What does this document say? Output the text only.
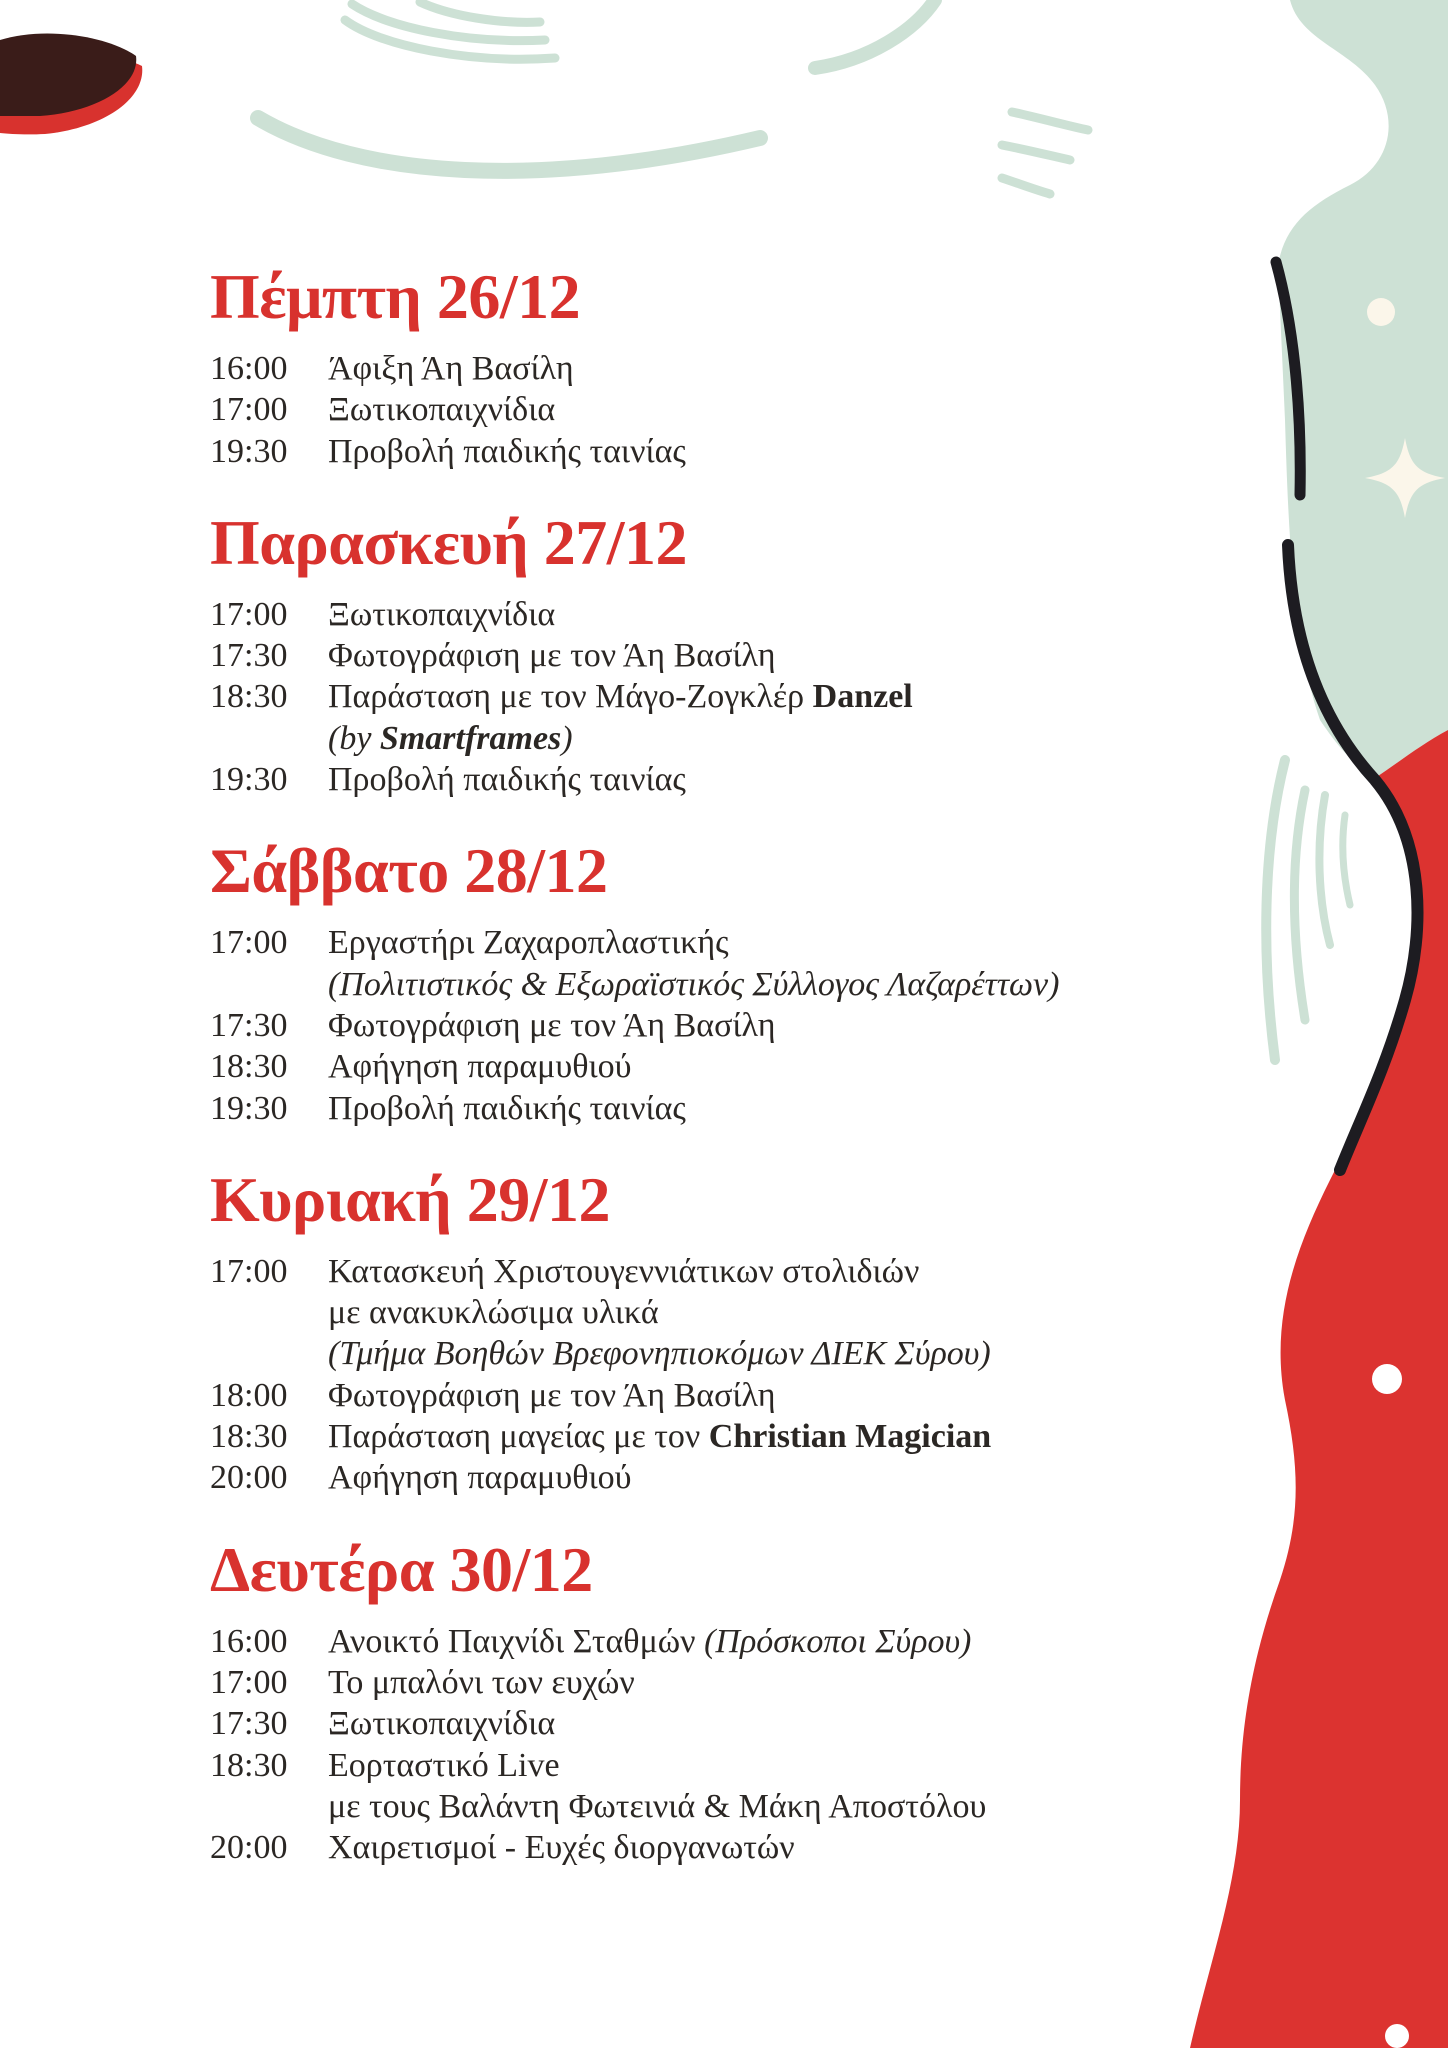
Πέμπτη 26/12
16:00	Άφιξη Άη Βασίλη
17:00	Ξωτικοπαιχνίδια
19:30	Προβολή παιδικής ταινίας
Παρασκευή 27/12
17:00	Ξωτικοπαιχνίδια
17:30	Φωτογράφιση με τον Άη Βασίλη
18:30	Παράσταση με τον Μάγο-Ζογκλέρ Danzel
(by Smartframes)
19:30	Προβολή παιδικής ταινίας
Σάββατο 28/12
17:00	Εργαστήρι Ζαχαροπλαστικής
(Πολιτιστικός & Εξωραϊστικός Σύλλογος Λαζαρέττων)
17:30	Φωτογράφιση με τον Άη Βασίλη
18:30	Αφήγηση παραμυθιού
19:30	Προβολή παιδικής ταινίας
Κυριακή 29/12
17:00	Κατασκευή Χριστουγεννιάτικων στολιδιών
με ανακυκλώσιμα υλικά
(Τμήμα Βοηθών Βρεφονηπιοκόμων ΔΙΕΚ Σύρου)
18:00	Φωτογράφιση με τον Άη Βασίλη
18:30	Παράσταση μαγείας με τον Christian Magician
20:00	Αφήγηση παραμυθιού
Δευτέρα 30/12
16:00	Ανοικτό Παιχνίδι Σταθμών (Πρόσκοποι Σύρου)
17:00	Το μπαλόνι των ευχών
17:30	Ξωτικοπαιχνίδια
18:30	Εορταστικό Live
με τους Βαλάντη Φωτεινιά & Μάκη Αποστόλου
20:00	Χαιρετισμοί - Ευχές διοργανωτών
